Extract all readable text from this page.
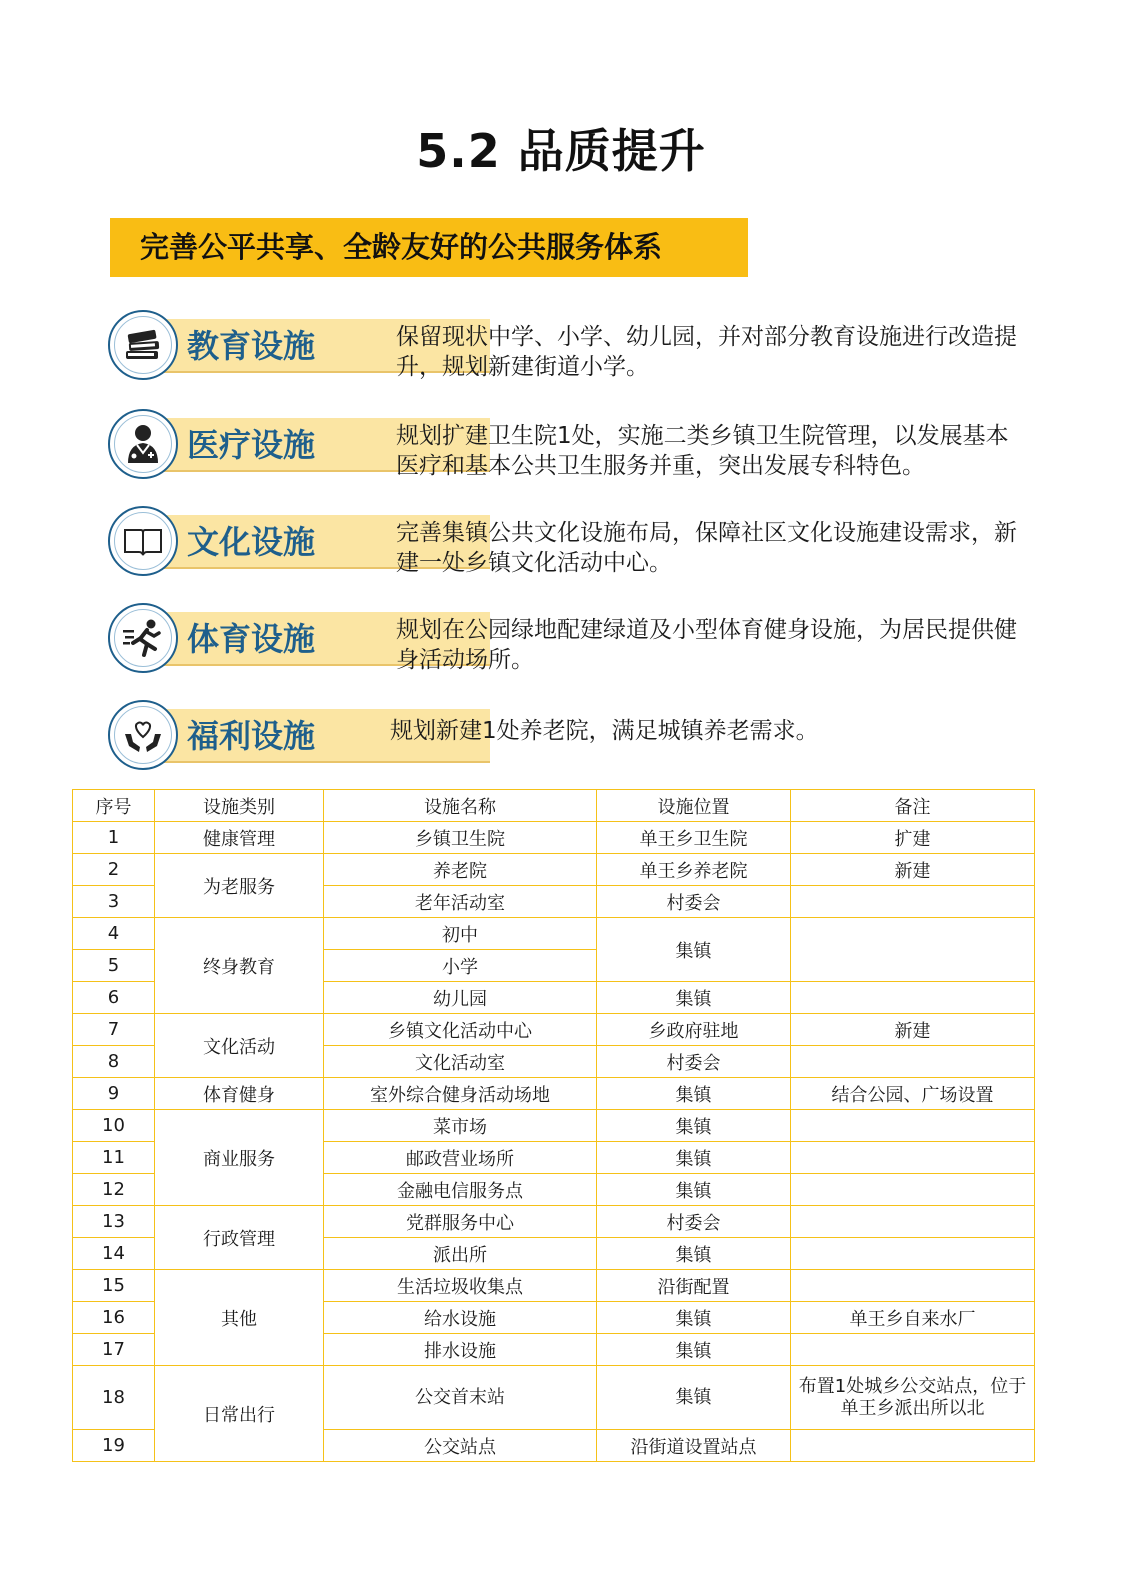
5.2 品质提升
完善公平共享、全龄友好的公共服务体系
教育设施	保留现状中学、小学、幼儿园，并对部分教育设施进行改造提升，规划新建街道小学。
医疗设施	规划扩建卫生院1处，实施二类乡镇卫生院管理，以发展基本医疗和基本公共卫生服务并重，突出发展专科特色。
文化设施	完善集镇公共文化设施布局，保障社区文化设施建设需求，新建一处乡镇文化活动中心。
体育设施	规划在公园绿地配建绿道及小型体育健身设施，为居民提供健身活动场所。
福利设施	规划新建1处养老院，满足城镇养老需求。
序号	设施类别	设施名称	设施位置	备注
1	健康管理	乡镇卫生院	单王乡卫生院	扩建
2	为老服务	养老院	单王乡养老院	新建
3		老年活动室	村委会	
4	终身教育	初中	集镇	
5		小学		
6		幼儿园	集镇	
7	文化活动	乡镇文化活动中心	乡政府驻地	新建
8		文化活动室	村委会	
9	体育健身	室外综合健身活动场地	集镇	结合公园、广场设置
10	商业服务	菜市场	集镇	
11		邮政营业场所	集镇	
12		金融电信服务点	集镇	
13	行政管理	党群服务中心	村委会	
14		派出所	集镇	
15	其他	生活垃圾收集点	沿街配置	
16		给水设施	集镇	单王乡自来水厂
17		排水设施	集镇	
18	日常出行	公交首末站	集镇	布置1处城乡公交站点，位于
单王乡派出所以北

19		公交站点	沿街道设置站点	
